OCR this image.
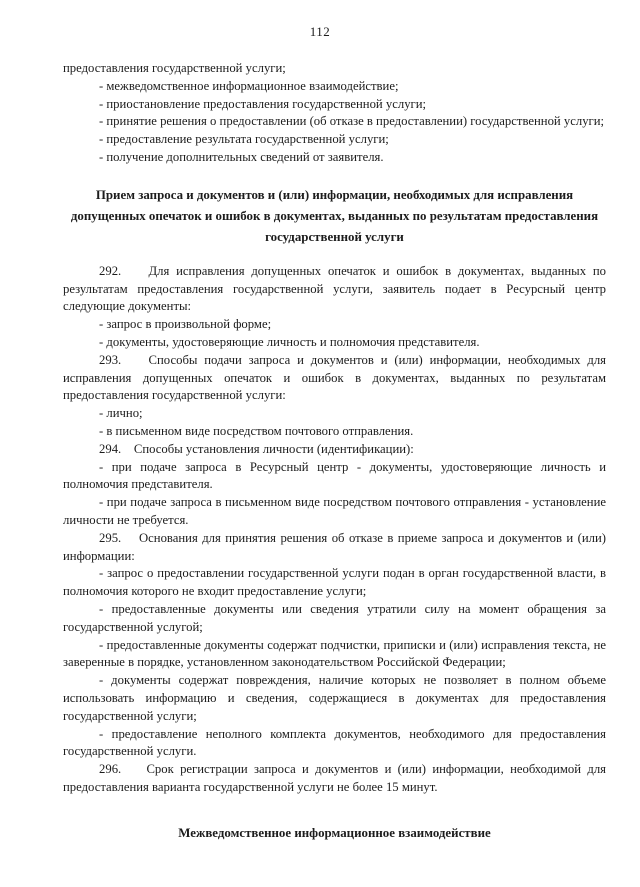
112

предоставления государственной услуги;

- межведомственное информационное взаимодействие;

- приостановление предоставления государственной услуги;

- принятие решения о предоставлении (об отказе в предоставлении) государственной услуги;

- предоставление результата государственной услуги;

- получение дополнительных сведений от заявителя.

Прием запроса и документов и (или) информации, необходимых для исправления допущенных опечаток и ошибок в документах, выданных по результатам предоставления государственной услуги

292.    Для исправления допущенных опечаток и ошибок в документах, выданных по результатам предоставления государственной услуги, заявитель подает в Ресурсный центр следующие документы:

- запрос в произвольной форме;

- документы, удостоверяющие личность и полномочия представителя.

293.    Способы подачи запроса и документов и (или) информации, необходимых для исправления допущенных опечаток и ошибок в документах, выданных по результатам предоставления государственной услуги:

- лично;

- в письменном виде посредством почтового отправления.

294.    Способы установления личности (идентификации):

- при подаче запроса в Ресурсный центр - документы, удостоверяющие личность и полномочия представителя.

- при подаче запроса в письменном виде посредством почтового отправления - установление личности не требуется.

295.    Основания для принятия решения об отказе в приеме запроса и документов и (или) информации:

- запрос о предоставлении государственной услуги подан в орган государственной власти, в полномочия которого не входит предоставление услуги;

- предоставленные документы или сведения утратили силу на момент обращения за государственной услугой;

- предоставленные документы содержат подчистки, приписки и (или) исправления текста, не заверенные в порядке, установленном законодательством Российской Федерации;

- документы содержат повреждения, наличие которых не позволяет в полном объеме использовать информацию и сведения, содержащиеся в документах для предоставления государственной услуги;

- предоставление неполного комплекта документов, необходимого для предоставления государственной услуги.

296.    Срок регистрации запроса и документов и (или) информации, необходимой для предоставления варианта государственной услуги не более 15 минут.

Межведомственное информационное взаимодействие
